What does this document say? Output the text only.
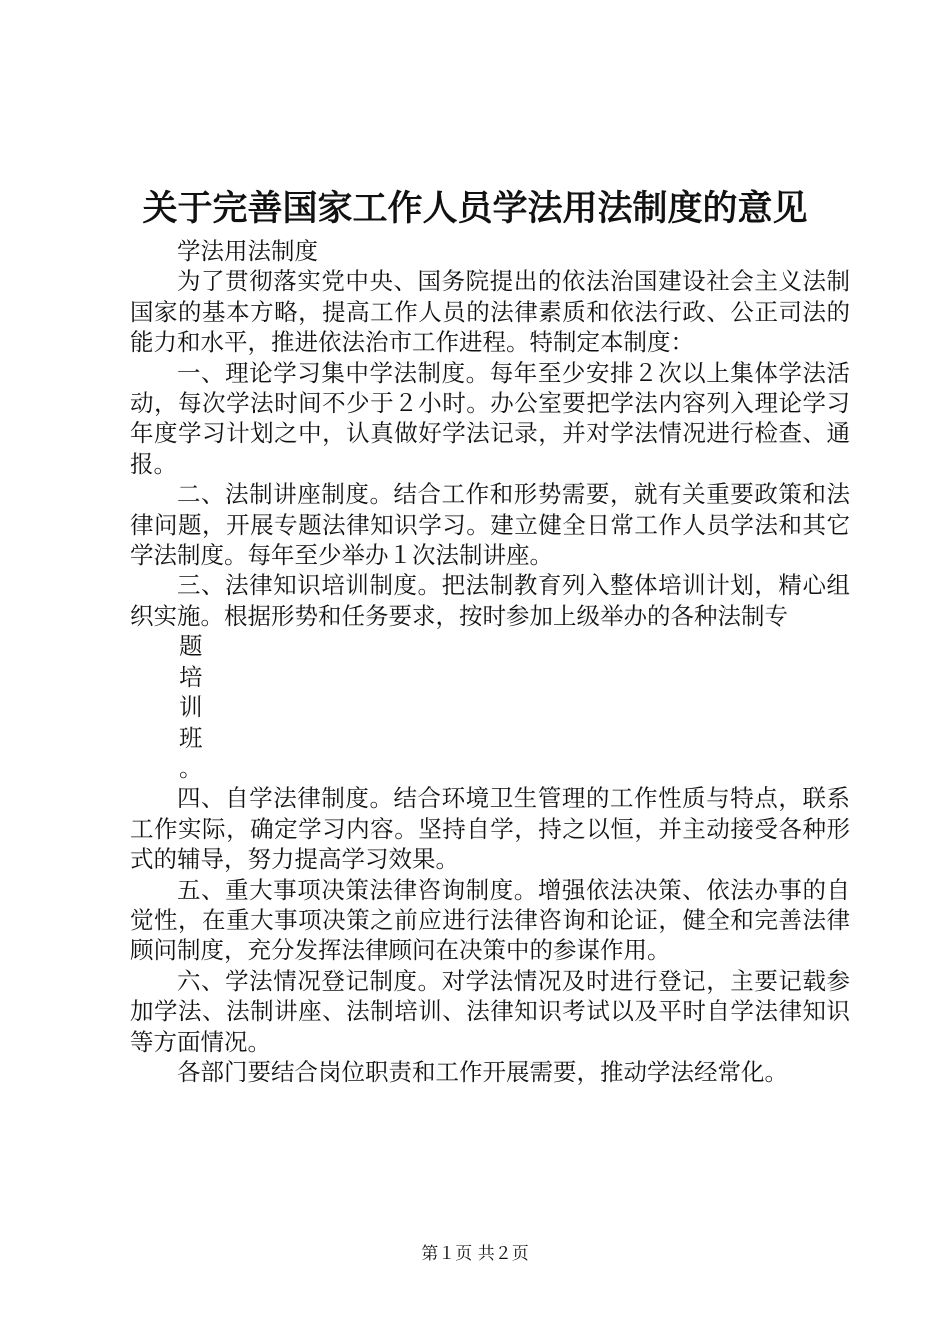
关于完善国家工作人员学法用法制度的意见

学法用法制度

为了贯彻落实党中央、国务院提出的依法治国建设社会主义法制国家的基本方略，提高工作人员的法律素质和依法行政、公正司法的能力和水平，推进依法治市工作进程。特制定本制度：

一、理论学习集中学法制度。每年至少安排２次以上集体学法活动，每次学法时间不少于２小时。办公室要把学法内容列入理论学习年度学习计划之中，认真做好学法记录，并对学法情况进行检查、通报。

二、法制讲座制度。结合工作和形势需要，就有关重要政策和法律问题，开展专题法律知识学习。建立健全日常工作人员学法和其它学法制度。每年至少举办１次法制讲座。

三、法律知识培训制度。把法制教育列入整体培训计划，精心组织实施。根据形势和任务要求，按时参加上级举办的各种法制专

题
培
训
班
。

四、自学法律制度。结合环境卫生管理的工作性质与特点，联系工作实际，确定学习内容。坚持自学，持之以恒，并主动接受各种形式的辅导，努力提高学习效果。

五、重大事项决策法律咨询制度。增强依法决策、依法办事的自觉性，在重大事项决策之前应进行法律咨询和论证，健全和完善法律顾问制度，充分发挥法律顾问在决策中的参谋作用。

六、学法情况登记制度。对学法情况及时进行登记，主要记载参加学法、法制讲座、法制培训、法律知识考试以及平时自学法律知识等方面情况。

各部门要结合岗位职责和工作开展需要，推动学法经常化。

第１页 共２页
